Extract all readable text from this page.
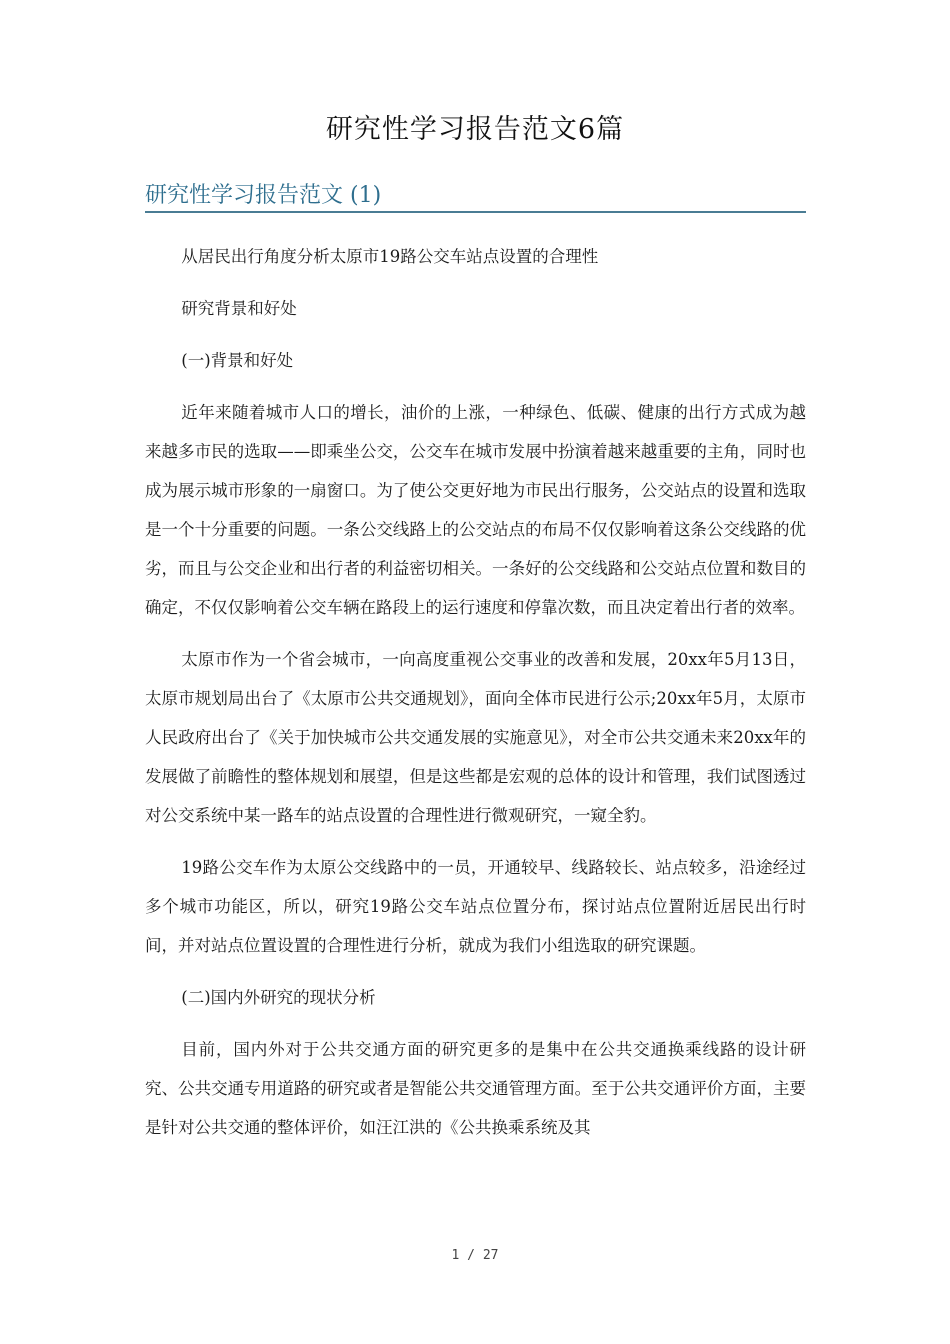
研究性学习报告范文6篇
研究性学习报告范文 (1)

从居民出行角度分析太原市19路公交车站点设置的合理性

研究背景和好处

(一)背景和好处

近年来随着城市人口的增长，油价的上涨，一种绿色、低碳、健康的出行方式成为越来越多市民的选取——即乘坐公交，公交车在城市发展中扮演着越来越重要的主角，同时也成为展示城市形象的一扇窗口。为了使公交更好地为市民出行服务，公交站点的设置和选取是一个十分重要的问题。一条公交线路上的公交站点的布局不仅仅影响着这条公交线路的优劣，而且与公交企业和出行者的利益密切相关。一条好的公交线路和公交站点位置和数目的确定，不仅仅影响着公交车辆在路段上的运行速度和停靠次数，而且决定着出行者的效率。

太原市作为一个省会城市，一向高度重视公交事业的改善和发展，20xx年5月13日，太原市规划局出台了《太原市公共交通规划》，面向全体市民进行公示;20xx年5月，太原市人民政府出台了《关于加快城市公共交通发展的实施意见》，对全市公共交通未来20xx年的发展做了前瞻性的整体规划和展望，但是这些都是宏观的总体的设计和管理，我们试图透过对公交系统中某一路车的站点设置的合理性进行微观研究，一窥全豹。

19路公交车作为太原公交线路中的一员，开通较早、线路较长、站点较多，沿途经过多个城市功能区，所以，研究19路公交车站点位置分布，探讨站点位置附近居民出行时间，并对站点位置设置的合理性进行分析，就成为我们小组选取的研究课题。

(二)国内外研究的现状分析

目前，国内外对于公共交通方面的研究更多的是集中在公共交通换乘线路的设计研究、公共交通专用道路的研究或者是智能公共交通管理方面。至于公共交通评价方面，主要是针对公共交通的整体评价，如汪江洪的《公共换乘系统及其

1 / 27
